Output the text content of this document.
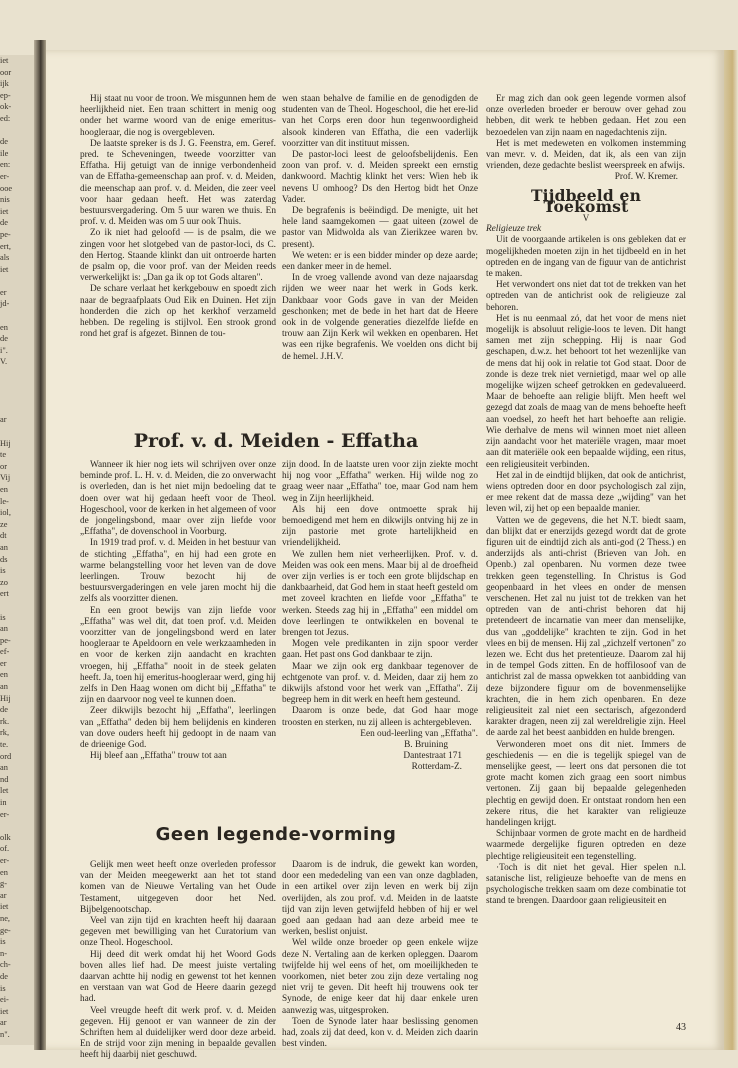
iet
oor
ijk
ep-
ok-
ed:

de
ile
en:
er-
ooe
nis
iet
de
pe-
ert,
als
iet

er
jd-

en
de
i".
V.

ar

Hij
te
or
Vij
en
le-
iol,
ze
dt
an
ds
is
zo
ert

is
an
pe-
ef-
er
en
an
Hij
de
rk.
rk,
te.
ord
an
nd
let
in
er-

olk
of.
er-
en
g-
ar
iet
ne,
ge-
is
n-
ch-
de
is
ei-
iet
ar
n".

Hij staat nu voor de troon. We misgunnen hem de heerlijkheid niet. Een traan schittert in menig oog onder het warme woord van de enige emeritus-hoogleraar, die nog is overgebleven.

De laatste spreker is ds J. G. Feenstra, em. Geref. pred. te Scheveningen, tweede voorzitter van Effatha. Hij getuigt van de innige verbondenheid van de Effatha-gemeenschap aan prof. v. d. Meiden, die meenschap aan prof. v. d. Meiden, die zeer veel voor haar gedaan heeft. Het was zaterdag bestuursvergadering. Om 5 uur waren we thuis. En prof. v. d. Meiden was om 5 uur ook Thuis.

Zo ik niet had geloofd — is de psalm, die we zingen voor het slotgebed van de pastor-loci, ds C. den Hertog. Staande klinkt dan uit ontroerde harten de psalm op, die voor prof. van der Meiden reeds verwerkelijkt is: „Dan ga ik op tot Gods altaren".

De schare verlaat het kerkgebouw en spoedt zich naar de begraafplaats Oud Eik en Duinen. Het zijn honderden die zich op het kerkhof verzameld hebben. De regeling is stijlvol. Een strook grond rond het graf is afgezet. Binnen de tou-

wen staan behalve de familie en de genodigden de studenten van de Theol. Hogeschool, die het ere-lid van het Corps eren door hun tegenwoordigheid alsook kinderen van Effatha, die een vaderlijk voorzitter van dit instituut missen.

De pastor-loci leest de geloofsbelijdenis. Een zoon van prof. v. d. Meiden spreekt een ernstig dankwoord. Machtig klinkt het vers: Wien heb ik nevens U omhoog? Ds den Hertog bidt het Onze Vader.

De begrafenis is beëindigd. De menigte, uit het hele land saamgekomen — gaat uiteen (zowel de pastor van Midwolda als van Zierikzee waren bv. present).

We weten: er is een bidder minder op deze aarde; een danker meer in de hemel.

In de vroeg vallende avond van deze najaarsdag rijden we weer naar het werk in Gods kerk. Dankbaar voor Gods gave in van der Meiden geschonken; met de bede in het hart dat de Heere ook in de volgende generaties diezelfde liefde en trouw aan Zijn Kerk wil wekken en openbaren. Het was een rijke begrafenis. We voelden ons dicht bij de hemel. J.H.V.

Prof. v. d. Meiden - Effatha

Wanneer ik hier nog iets wil schrijven over onze beminde prof. L. H. v. d. Meiden, die zo onverwacht is overleden, dan is het niet mijn bedoeling dat te doen over wat hij gedaan heeft voor de Theol. Hogeschool, voor de kerken in het algemeen of voor de jongelingsbond, maar over zijn liefde voor „Effatha", de dovenschool in Voorburg.

In 1919 trad prof. v. d. Meiden in het bestuur van de stichting „Effatha", en hij had een grote en warme belangstelling voor het leven van de dove leerlingen. Trouw bezocht hij de bestuursvergaderingen en vele jaren mocht hij die zelfs als voorzitter dienen.

En een groot bewijs van zijn liefde voor „Effatha" was wel dit, dat toen prof. v.d. Meiden voorzitter van de jongelingsbond werd en later hoogleraar te Apeldoorn en vele werkzaamheden in en voor de kerken zijn aandacht en krachten vroegen, hij „Effatha" nooit in de steek gelaten heeft. Ja, toen hij emeritus-hoogleraar werd, ging hij zelfs in Den Haag wonen om dicht bij „Effatha" te zijn en daarvoor nog veel te kunnen doen.

Zeer dikwijls bezocht hij „Effatha", leerlingen van „Effatha" deden bij hem belijdenis en kinderen van dove ouders heeft hij gedoopt in de naam van de drieenige God.

Hij bleef aan „Effatha" trouw tot aan

zijn dood. In de laatste uren voor zijn ziekte mocht hij nog voor „Effatha" werken. Hij wilde nog zo graag weer naar „Effatha" toe, maar God nam hem weg in Zijn heerlijkheid.

Als hij een dove ontmoette sprak hij bemoedigend met hem en dikwijls ontving hij ze in zijn pastorie met grote hartelijkheid en vriendelijkheid.

We zullen hem niet verheerlijken. Prof. v. d. Meiden was ook een mens. Maar bij al de droefheid over zijn verlies is er toch een grote blijdschap en dankbaarheid, dat God hem in staat heeft gesteld om met zoveel krachten en liefde voor „Effatha" te werken. Steeds zag hij in „Effatha" een middel om dove leerlingen te ontwikkelen en bovenal te brengen tot Jezus.

Mogen vele predikanten in zijn spoor verder gaan. Het past ons God dankbaar te zijn.

Maar we zijn ook erg dankbaar tegenover de echtgenote van prof. v. d. Meiden, daar zij hem zo dikwijls afstond voor het werk van „Effatha". Zij begreep hem in dit werk en heeft hem gesteund.

Daarom is onze bede, dat God haar moge troosten en sterken, nu zij alleen is achtergebleven.

Een oud-leerling van „Effatha".

B. Bruining

Dantestraat 171

Rotterdam-Z.

Geen legende-vorming

Gelijk men weet heeft onze overleden professor van der Meiden meegewerkt aan het tot stand komen van de Nieuwe Vertaling van het Oude Testament, uitgegeven door het Ned. Bijbelgenootschap.

Veel van zijn tijd en krachten heeft hij daaraan gegeven met bewilliging van het Curatorium van onze Theol. Hogeschool.

Hij deed dit werk omdat hij het Woord Gods boven alles lief had. De meest juiste vertaling daarvan achtte hij nodig en gewenst tot het kennen en verstaan van wat God de Heere daarin gezegd had.

Veel vreugde heeft dit werk prof. v. d. Meiden gegeven. Hij genoot er van wanneer de zin der Schriften hem al duidelijker werd door deze arbeid. En de strijd voor zijn mening in bepaalde gevallen heeft hij daarbij niet geschuwd.

Daarom is de indruk, die gewekt kan worden, door een mededeling van een van onze dagbladen, in een artikel over zijn leven en werk bij zijn overlijden, als zou prof. v.d. Meiden in de laatste tijd van zijn leven getwijfeld hebben of hij er wel goed aan gedaan had aan deze arbeid mee te werken, beslist onjuist.

Wel wilde onze broeder op geen enkele wijze deze N. Vertaling aan de kerken opleggen. Daarom twijfelde hij wel eens of het, om moeilijkheden te voorkomen, niet beter zou zijn deze vertaling nog niet vrij te geven. Dit heeft hij trouwens ook ter Synode, de enige keer dat hij daar enkele uren aanwezig was, uitgesproken.

Toen de Synode later haar beslissing genomen had, zoals zij dat deed, kon v. d. Meiden zich daarin best vinden.

Er mag zich dan ook geen legende vormen alsof onze overleden broeder er berouw over gehad zou hebben, dit werk te hebben gedaan. Het zou een bezoedelen van zijn naam en nagedachtenis zijn.

Het is met medeweten en volkomen instemming van mevr. v. d. Meiden, dat ik, als een van zijn vrienden, deze gedachte beslist weerspreek en afwijs.

Prof. W. Kremer.

Tijdbeeld en Toekomst
V

Religieuze trek

Uit de voorgaande artikelen is ons gebleken dat er mogelijkheden moeten zijn in het tijdbeeld en in het optreden en de ingang van de figuur van de antichrist te maken.

Het verwondert ons niet dat tot de trekken van het optreden van de antichrist ook de religieuze zal behoren.

Het is nu eenmaal zó, dat het voor de mens niet mogelijk is absoluut religie-loos te leven. Dit hangt samen met zijn schepping. Hij is naar God geschapen, d.w.z. het behoort tot het wezenlijke van de mens dat hij ook in relatie tot God staat. Door de zonde is deze trek niet vernietigd, maar wel op alle mogelijke wijzen scheef getrokken en gedevalueerd. Maar de behoefte aan religie blijft. Men heeft wel gezegd dat zoals de maag van de mens behoefte heeft aan voedsel, zo heeft het hart behoefte aan religie. Wie derhalve de mens wil winnen moet niet alleen zijn aandacht voor het materiële vragen, maar moet aan dit materiële ook een bepaalde wijding, een ritus, een religieusiteit verbinden.

Het zal in de eindtijd blijken, dat ook de antichrist, wiens optreden door en door psychologisch zal zijn, er mee rekent dat de massa deze „wijding" van het leven wil, zij het op een bepaalde manier.

Vatten we de gegevens, die het N.T. biedt saam, dan blijkt dat er enerzijds gezegd wordt dat de grote figuren uit de eindtijd zich als anti-god (2 Thess.) en anderzijds als anti-christ (Brieven van Joh. en Openb.) zal openbaren. Nu vormen deze twee trekken geen tegenstelling. In Christus is God geopenbaard in het vlees en onder de mensen verschenen. Het zal nu juist tot de trekken van het optreden van de anti-christ behoren dat hij pretendeert de incarnatie van meer dan menselijke, dus van „goddelijke" krachten te zijn. God in het vlees en bij de mensen. Hij zal „zichzelf vertonen" zo lezen we. Echt dus het pretentieuze. Daarom zal hij in de tempel Gods zitten. En de hoffilosoof van de antichrist zal de massa opwekken tot aanbidding van deze bijzondere figuur om de bovenmenselijke krachten, die in hem zich openbaren. En deze religieusiteit zal niet een sectarisch, afgezonderd karakter dragen, neen zij zal wereldreligie zijn. Heel de aarde zal het beest aanbidden en hulde brengen.

Verwonderen moet ons dit niet. Immers de geschiedenis — en die is tegelijk spiegel van de menselijke geest, — leert ons dat personen die tot grote macht komen zich graag een soort nimbus vertonen. Zij gaan bij bepaalde gelegenheden plechtig en gewijd doen. Er ontstaat rondom hen een zekere ritus, die het karakter van religieuze handelingen krijgt.

Schijnbaar vormen de grote macht en de hardheid waarmede dergelijke figuren optreden en deze plechtige religieusiteit een tegenstelling.

·Toch is dit niet het geval. Hier spelen n.l. satanische list, religieuze behoefte van de mens en psychologische trekken saam om deze combinatie tot stand te brengen. Daardoor gaan religieusiteit en

43
